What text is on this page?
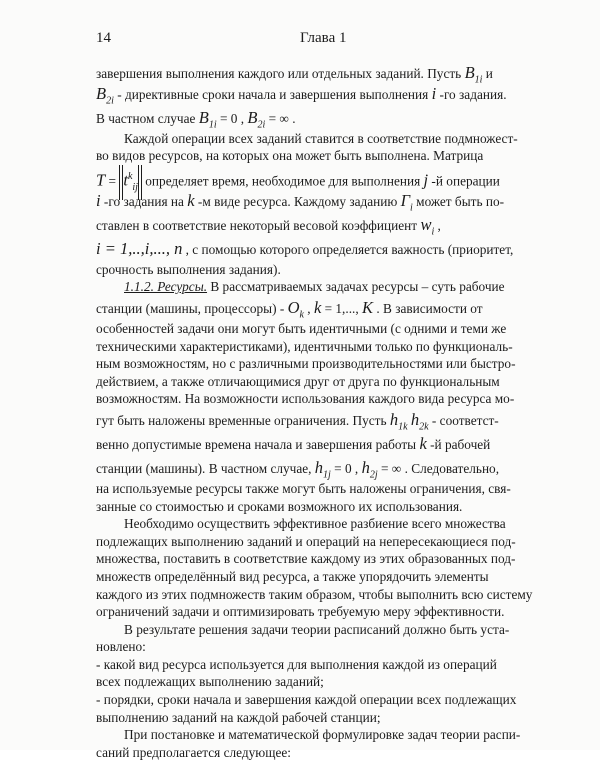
14	Глава 1
завершения выполнения каждого или отдельных заданий. Пусть $B_{1i}$ и
$B_{2i}$ - директивные сроки начала и завершения выполнения i -го задания.
В частном случае $B_{1i} = 0$ , $B_{2i}$ = ∞ .
Каждой операции всех заданий ставится в соответствие подмножест-
во видов ресурсов, на которых она может быть выполнена. Матрица
$T = t^k_{ij}$ определяет время, необходимое для выполнения j -й операции
i -го задания на k -м виде ресурса. Каждому заданию $\Gamma_i$ может быть по-
ставлен в соответствие некоторый весовой коэффициент $w_i$ ,
i = 1,..,i,..., n , с помощью которого определяется важность (приоритет,
срочность выполнения задания).
1.1.2. Ресурсы. В рассматриваемых задачах ресурсы – суть рабочие
станции (машины, процессоры) - $O_k$ , k = 1,..., K . В зависимости от
особенностей задачи они могут быть идентичными (с одними и теми же
техническими характеристиками), идентичными только по функциональ-
ным возможностям, но с различными производительностями или быстро-
действием, а также отличающимися друг от друга по функциональным
возможностям. На возможности использования каждого вида ресурса мо-
гут быть наложены временные ограничения. Пусть $h_{1k}$ $h_{2k}$ - соответст-
венно допустимые времена начала и завершения работы k -й рабочей
станции (машины). В частном случае, $h_{1j} = 0$ , $h_{2j}$ = ∞ . Следовательно,
на используемые ресурсы также могут быть наложены ограничения, свя-
занные со стоимостью и сроками возможного их использования.
Необходимо осуществить эффективное разбиение всего множества
подлежащих выполнению заданий и операций на непересекающиеся под-
множества, поставить в соответствие каждому из этих образованных под-
множеств определённый вид ресурса, а также упорядочить элементы
каждого из этих подмножеств таким образом, чтобы выполнить всю систему
ограничений задачи и оптимизировать требуемую меру эффективности.
В результате решения задачи теории расписаний должно быть уста-
новлено:
- какой вид ресурса используется для выполнения каждой из операций
всех подлежащих выполнению заданий;
- порядки, сроки начала и завершения каждой операции всех подлежащих
выполнению заданий на каждой рабочей станции;
При постановке и математической формулировке задач теории распи-
саний предполагается следующее:
